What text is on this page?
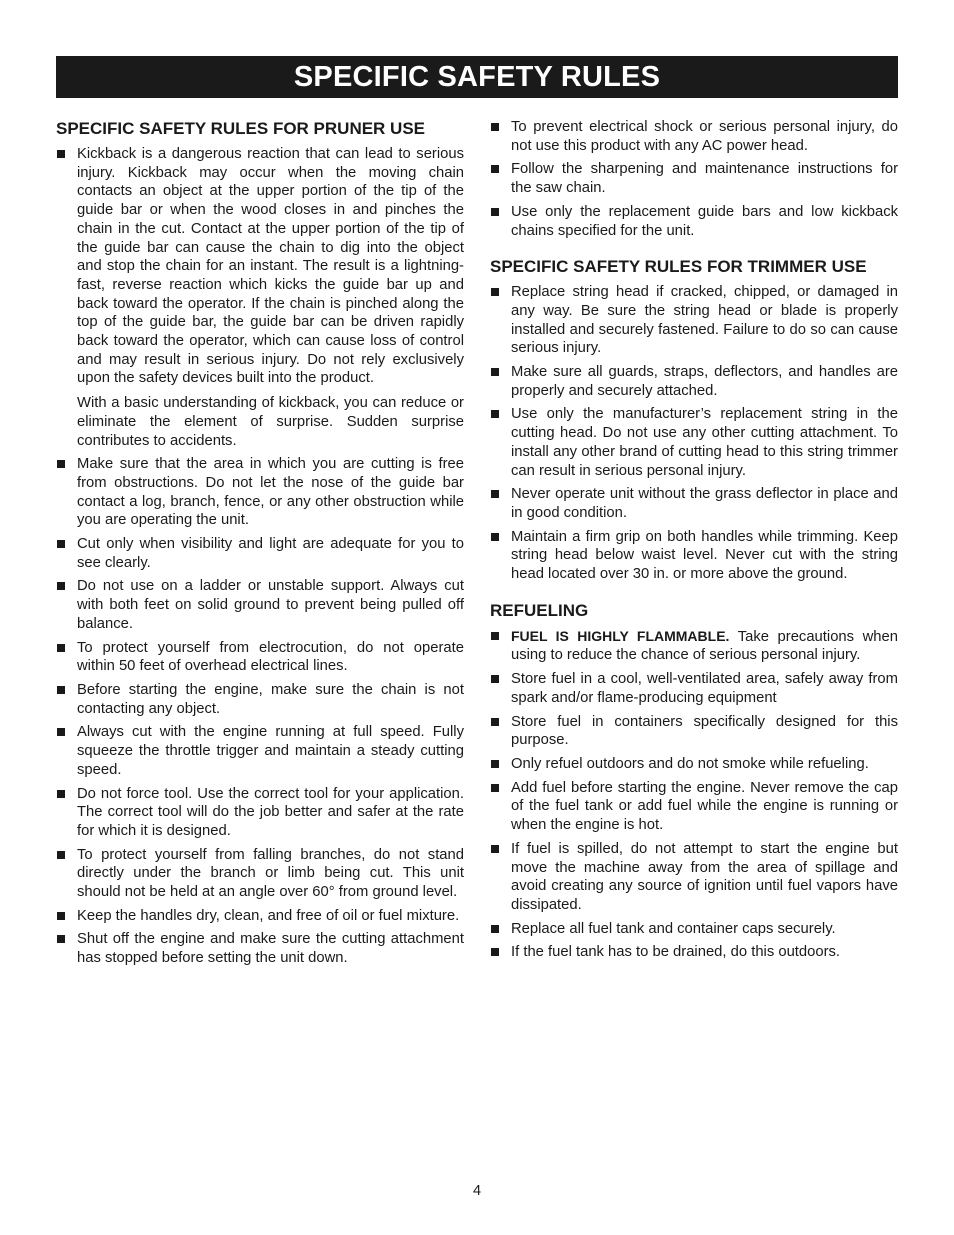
SPECIFIC SAFETY RULES
SPECIFIC SAFETY RULES FOR PRUNER USE
Kickback is a dangerous reaction that can lead to serious injury. Kickback may occur when the moving chain contacts an object at the upper portion of the tip of the guide bar or when the wood closes in and pinches the chain in the cut. Contact at the upper portion of the tip of the guide bar can cause the chain to dig into the object and stop the chain for an instant. The result is a lightning-fast, reverse reaction which kicks the guide bar up and back toward the operator. If the chain is pinched along the top of the guide bar, the guide bar can be driven rapidly back toward the operator, which can cause loss of control and may result in serious injury. Do not rely exclusively upon the safety devices built into the product.
With a basic understanding of kickback, you can reduce or eliminate the element of surprise. Sudden surprise contributes to accidents.
Make sure that the area in which you are cutting is free from obstructions. Do not let the nose of the guide bar contact a log, branch, fence, or any other obstruction while you are operating the unit.
Cut only when visibility and light are adequate for you to see clearly.
Do not use on a ladder or unstable support. Always cut with both feet on solid ground to prevent being pulled off balance.
To protect yourself from electrocution, do not operate within 50 feet of overhead electrical lines.
Before starting the engine, make sure the chain is not contacting any object.
Always cut with the engine running at full speed. Fully squeeze the throttle trigger and maintain a steady cutting speed.
Do not force tool. Use the correct tool for your application. The correct tool will do the job better and safer at the rate for which it is designed.
To protect yourself from falling branches, do not stand directly under the branch or limb being cut. This unit should not be held at an angle over 60° from ground level.
Keep the handles dry, clean, and free of oil or fuel mixture.
Shut off the engine and make sure the cutting attachment has stopped before setting the unit down.
To prevent electrical shock or serious personal injury, do not use this product with any AC power head.
Follow the sharpening and maintenance instructions for the saw chain.
Use only the replacement guide bars and low kickback chains specified for the unit.
SPECIFIC SAFETY RULES FOR TRIMMER USE
Replace string head if cracked, chipped, or damaged in any way. Be sure the string head or blade is properly installed and securely fastened. Failure to do so can cause serious injury.
Make sure all guards, straps, deflectors, and handles are properly and securely attached.
Use only the manufacturer’s replacement string in the cutting head. Do not use any other cutting attachment. To install any other brand of cutting head to this string trimmer can result in serious personal injury.
Never operate unit without the grass deflector in place and in good condition.
Maintain a firm grip on both handles while trimming. Keep string head below waist level. Never cut with the string head located over 30 in. or more above the ground.
REFUELING
FUEL IS HIGHLY FLAMMABLE. Take precautions when using to reduce the chance of serious personal injury.
Store fuel in a cool, well-ventilated area, safely away from spark and/or flame-producing equipment
Store fuel in containers specifically designed for this purpose.
Only refuel outdoors and do not smoke while refueling.
Add fuel before starting the engine. Never remove the cap of the fuel tank or add fuel while the engine is running or when the engine is hot.
If fuel is spilled, do not attempt to start the engine but move the machine away from the area of spillage and avoid creating any source of ignition until fuel vapors have dissipated.
Replace all fuel tank and container caps securely.
If the fuel tank has to be drained, do this outdoors.
4
